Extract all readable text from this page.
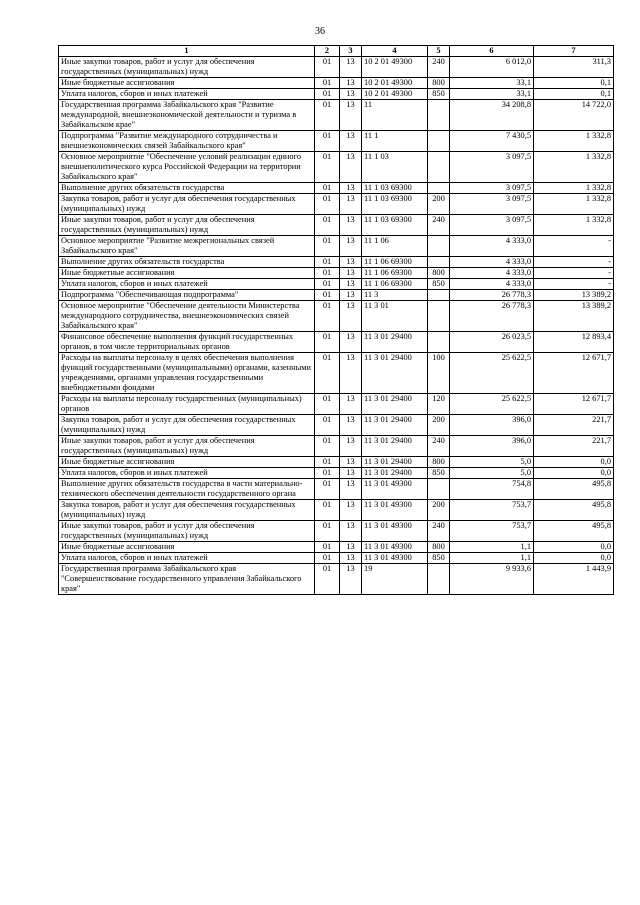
36
1	2	3	4	5	6	7
Иные закупки товаров, работ и услуг для обеспечения государственных (муниципальных) нужд	01	13	10 2 01 49300	240	6 012,0	311,3
Иные бюджетные ассигнования	01	13	10 2 01 49300	800	33,1	0,1
Уплата налогов, сборов и иных платежей	01	13	10 2 01 49300	850	33,1	0,1
Государственная программа Забайкальского края "Развитие международной, внешнеэкономической деятельности и туризма в Забайкальском крае"	01	13	11		34 208,8	14 722,0
Подпрограмма "Развитие международного сотрудничества и внешнеэкономических связей Забайкальского края"	01	13	11 1		7 430,5	1 332,8
Основное мероприятие "Обеспечение условий реализации единого внешнеполитического курса Российской Федерации на территории Забайкальского края"	01	13	11 1 03		3 097,5	1 332,8
Выполнение других обязательств государства	01	13	11 1 03 69300		3 097,5	1 332,8
Закупка товаров, работ и услуг для обеспечения государственных (муниципальных) нужд	01	13	11 1 03 69300	200	3 097,5	1 332,8
Иные закупки товаров, работ и услуг для обеспечения государственных (муниципальных) нужд	01	13	11 1 03 69300	240	3 097,5	1 332,8
Основное мероприятие "Развитие межрегиональных связей Забайкальского края"	01	13	11 1 06		4 333,0	-
Выполнение других обязательств государства	01	13	11 1 06 69300		4 333,0	-
Иные бюджетные ассигнования	01	13	11 1 06 69300	800	4 333,0	-
Уплата налогов, сборов и иных платежей	01	13	11 1 06 69300	850	4 333,0	-
Подпрограмма "Обеспечивающая подпрограмма"	01	13	11 3		26 778,3	13 389,2
Основное мероприятие "Обеспечение деятельности Министерства международного сотрудничества, внешнеэкономических связей Забайкальского края"	01	13	11 3 01		26 778,3	13 389,2
Финансовое обеспечение выполнения функций государственных органов, в том числе территориальных органов	01	13	11 3 01 29400		26 023,5	12 893,4
Расходы на выплаты персоналу в целях обеспечения выполнения функций государственными (муниципальными) органами, казенными учреждениями, органами управления государственными внебюджетными фондами	01	13	11 3 01 29400	100	25 622,5	12 671,7
Расходы на выплаты персоналу государственных (муниципальных) органов	01	13	11 3 01 29400	120	25 622,5	12 671,7
Закупка товаров, работ и услуг для обеспечения государственных (муниципальных) нужд	01	13	11 3 01 29400	200	396,0	221,7
Иные закупки товаров, работ и услуг для обеспечения государственных (муниципальных) нужд	01	13	11 3 01 29400	240	396,0	221,7
Иные бюджетные ассигнования	01	13	11 3 01 29400	800	5,0	0,0
Уплата налогов, сборов и иных платежей	01	13	11 3 01 29400	850	5,0	0,0
Выполнение других обязательств государства в части материально-технического обеспечения деятельности государственного органа	01	13	11 3 01 49300		754,8	495,8
Закупка товаров, работ и услуг для обеспечения государственных (муниципальных) нужд	01	13	11 3 01 49300	200	753,7	495,8
Иные закупки товаров, работ и услуг для обеспечения государственных (муниципальных) нужд	01	13	11 3 01 49300	240	753,7	495,8
Иные бюджетные ассигнования	01	13	11 3 01 49300	800	1,1	0,0
Уплата налогов, сборов и иных платежей	01	13	11 3 01 49300	850	1,1	0,0
Государственная программа Забайкальского края "Совершенствование государственного управления Забайкальского края"	01	13	19		9 933,6	1 443,9
